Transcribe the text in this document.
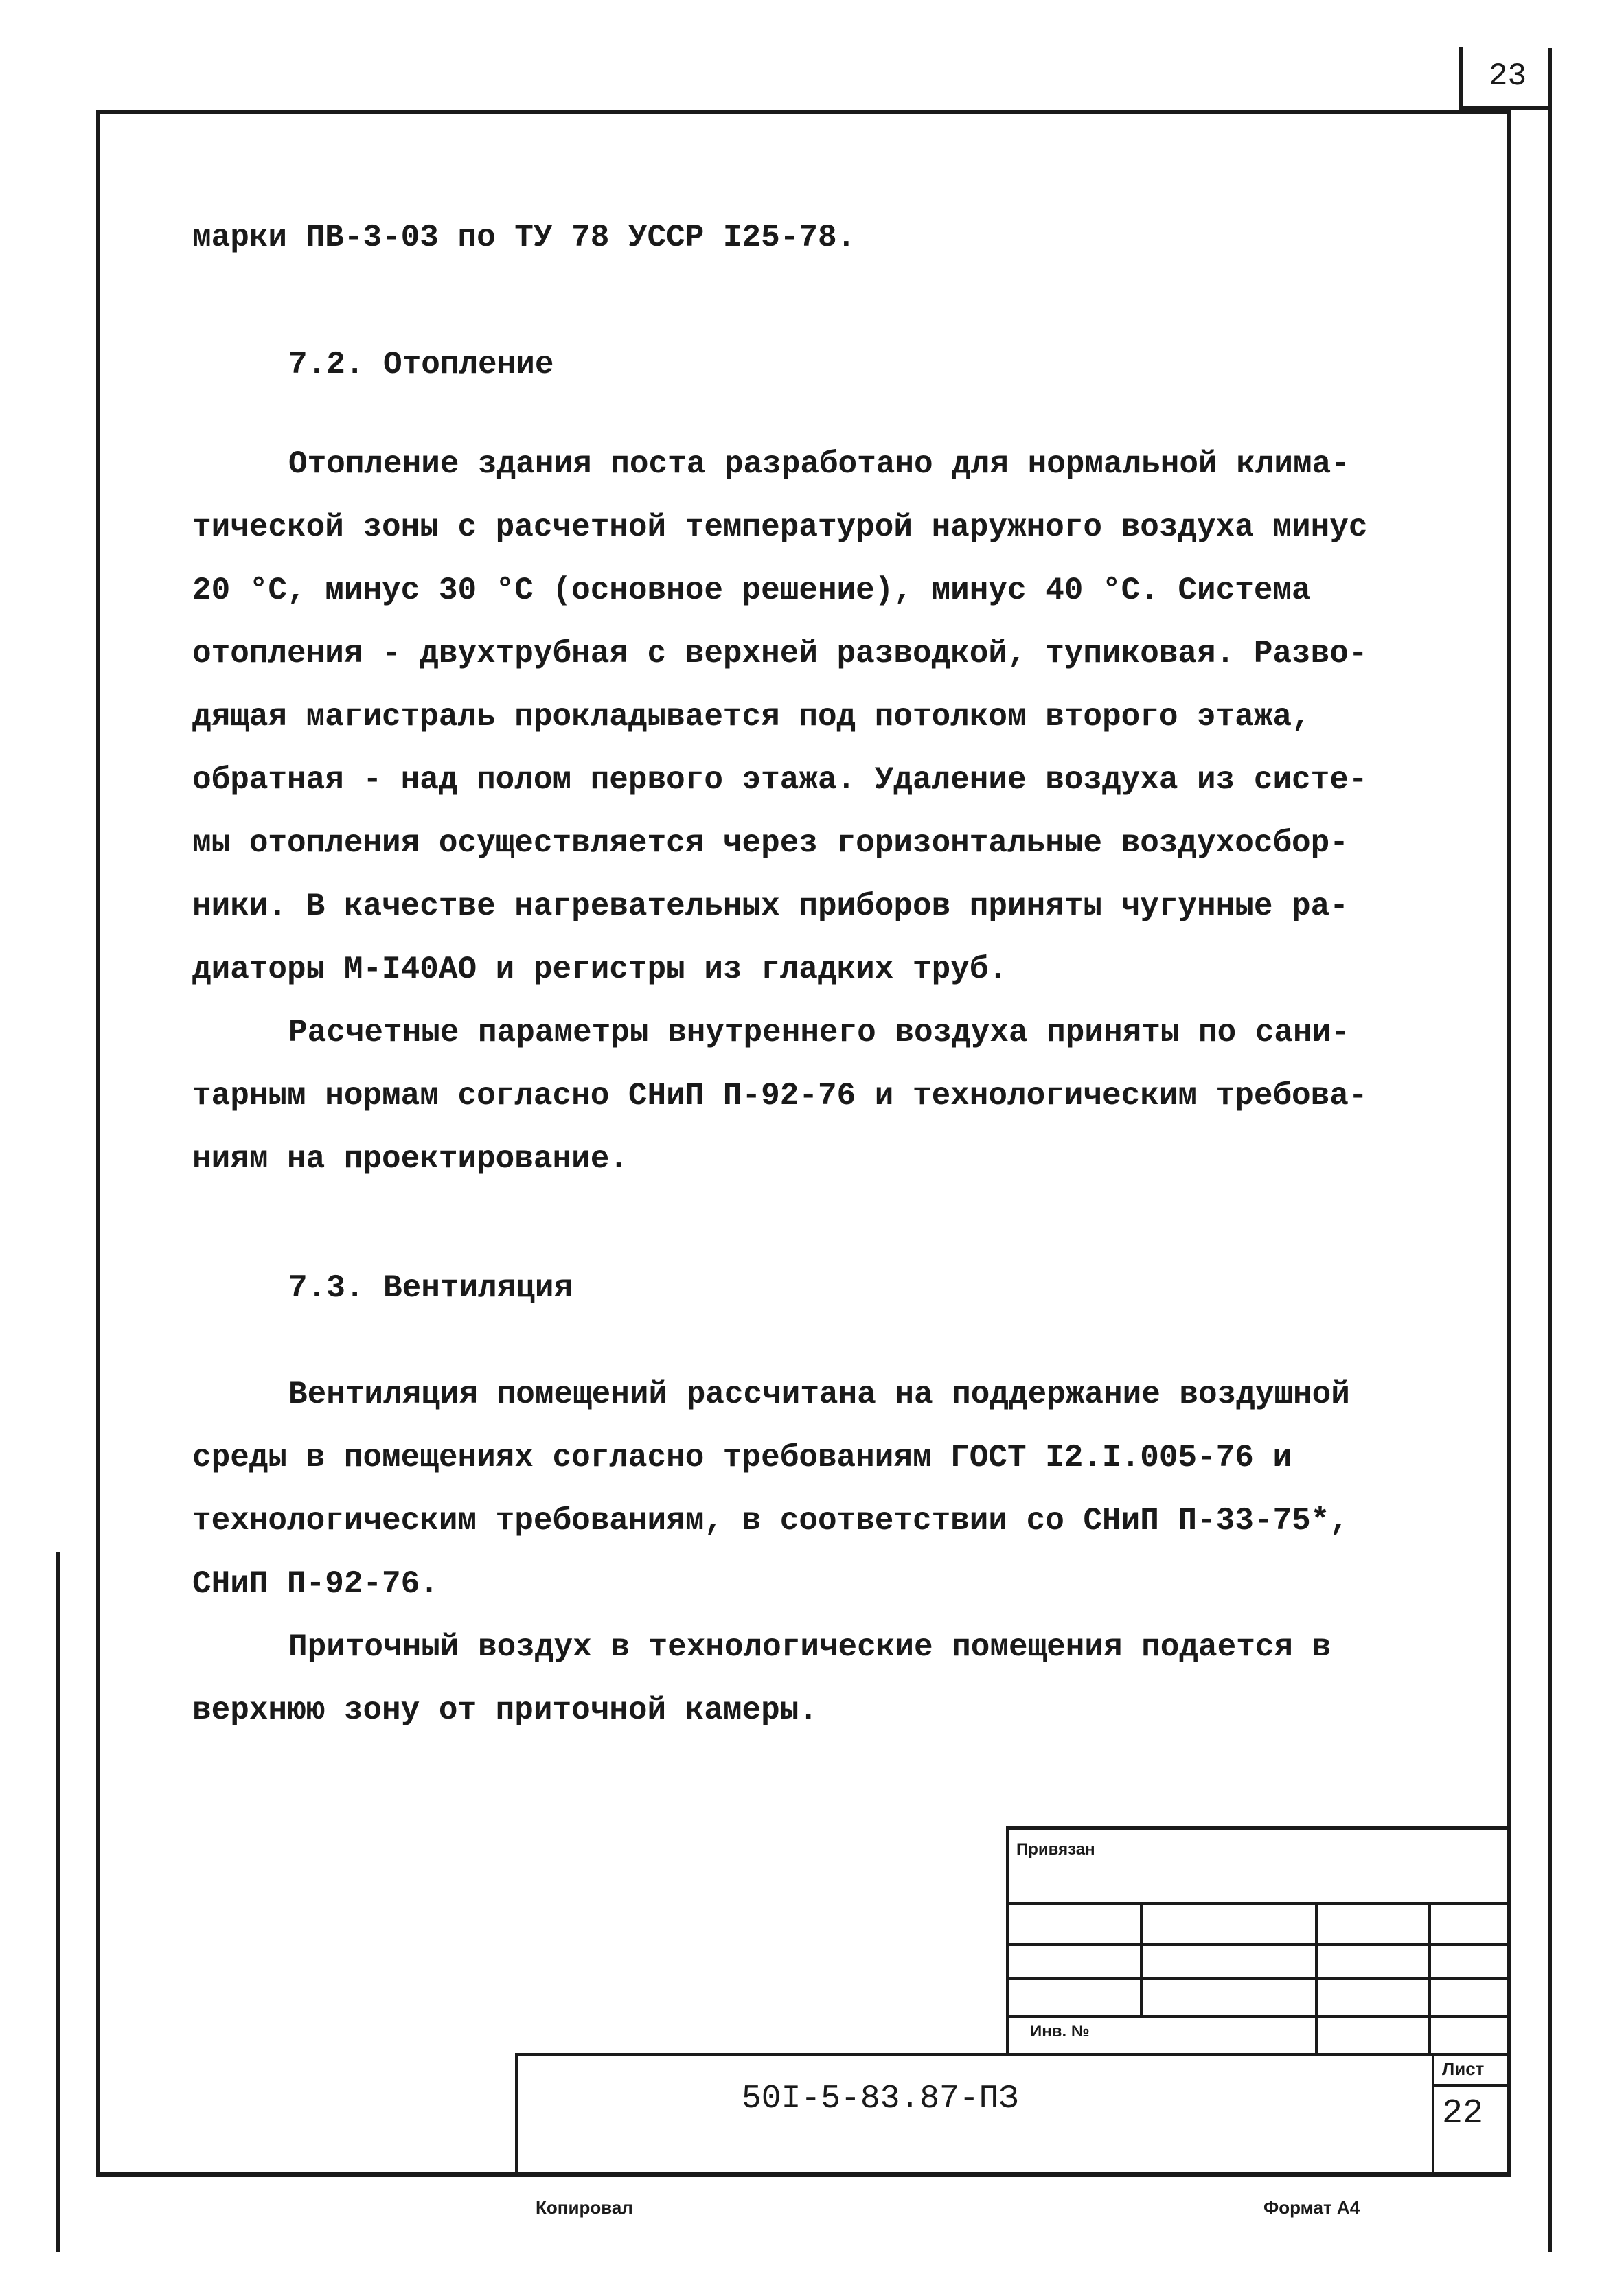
23
марки ПВ-3-03 по ТУ 78 УССР I25-78.
7.2. Отопление
Отопление здания поста разработано для нормальной клима-
тической зоны с расчетной температурой наружного воздуха минус
20 °С, минус 30 °С (основное решение), минус 40 °С. Система
отопления - двухтрубная с верхней разводкой, тупиковая. Разво-
дящая магистраль прокладывается под потолком второго этажа,
обратная - над полом первого этажа. Удаление воздуха из систе-
мы отопления осуществляется через горизонтальные воздухосбор-
ники. В качестве нагревательных приборов приняты чугунные ра-
диаторы М-I40АО и регистры из гладких труб.
Расчетные параметры внутреннего воздуха приняты по сани-
тарным нормам согласно СНиП П-92-76 и технологическим требова-
ниям на проектирование.
7.3. Вентиляция
Вентиляция помещений рассчитана на поддержание воздушной
среды в помещениях согласно требованиям ГОСТ I2.I.005-76 и
технологическим требованиям, в соответствии со СНиП П-33-75*,
СНиП П-92-76.
Приточный воздух в технологические помещения подается в
верхнюю зону от приточной камеры.
Привязан
Инв. №
50I-5-83.87-ПЗ
Лист
22
Копировал	Формат А4
